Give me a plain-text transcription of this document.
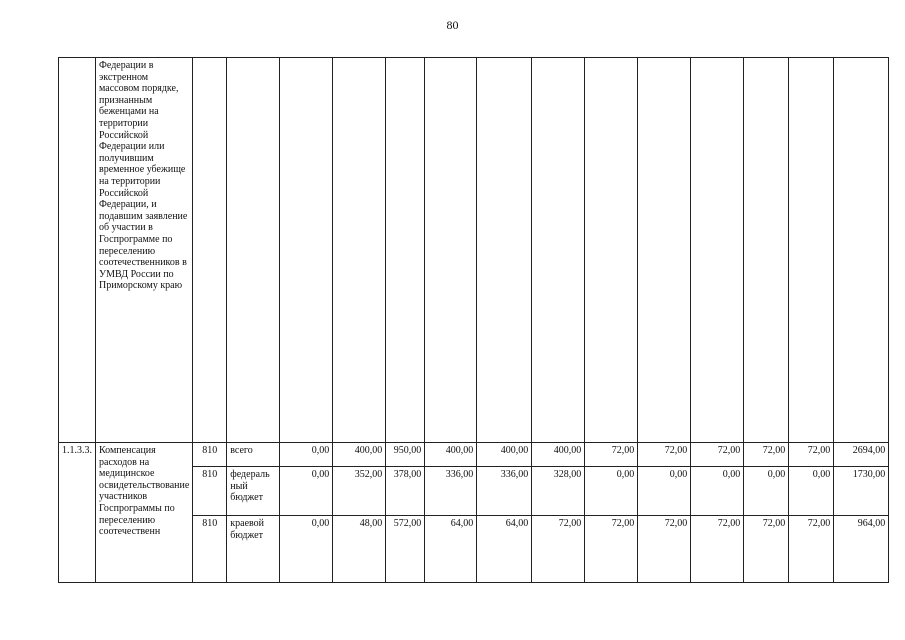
80
	Федерации в экстренном массовом порядке, признанным беженцами на территории Российской Федерации или получившим временное убежище на территории Российской Федерации, и подавшим заявление об участии в Госпрограмме по переселению соотечественников в УМВД России по Приморскому краю														
1.1.3.3.	Компенсация расходов на медицинское освидетельствование участников Госпрограммы по переселению соотечественн	810	всего	0,00	400,00	950,00	400,00	400,00	400,00	72,00	72,00	72,00	72,00	72,00	2694,00
		810	федераль ный бюджет	0,00	352,00	378,00	336,00	336,00	328,00	0,00	0,00	0,00	0,00	0,00	1730,00
		810	краевой бюджет	0,00	48,00	572,00	64,00	64,00	72,00	72,00	72,00	72,00	72,00	72,00	964,00
